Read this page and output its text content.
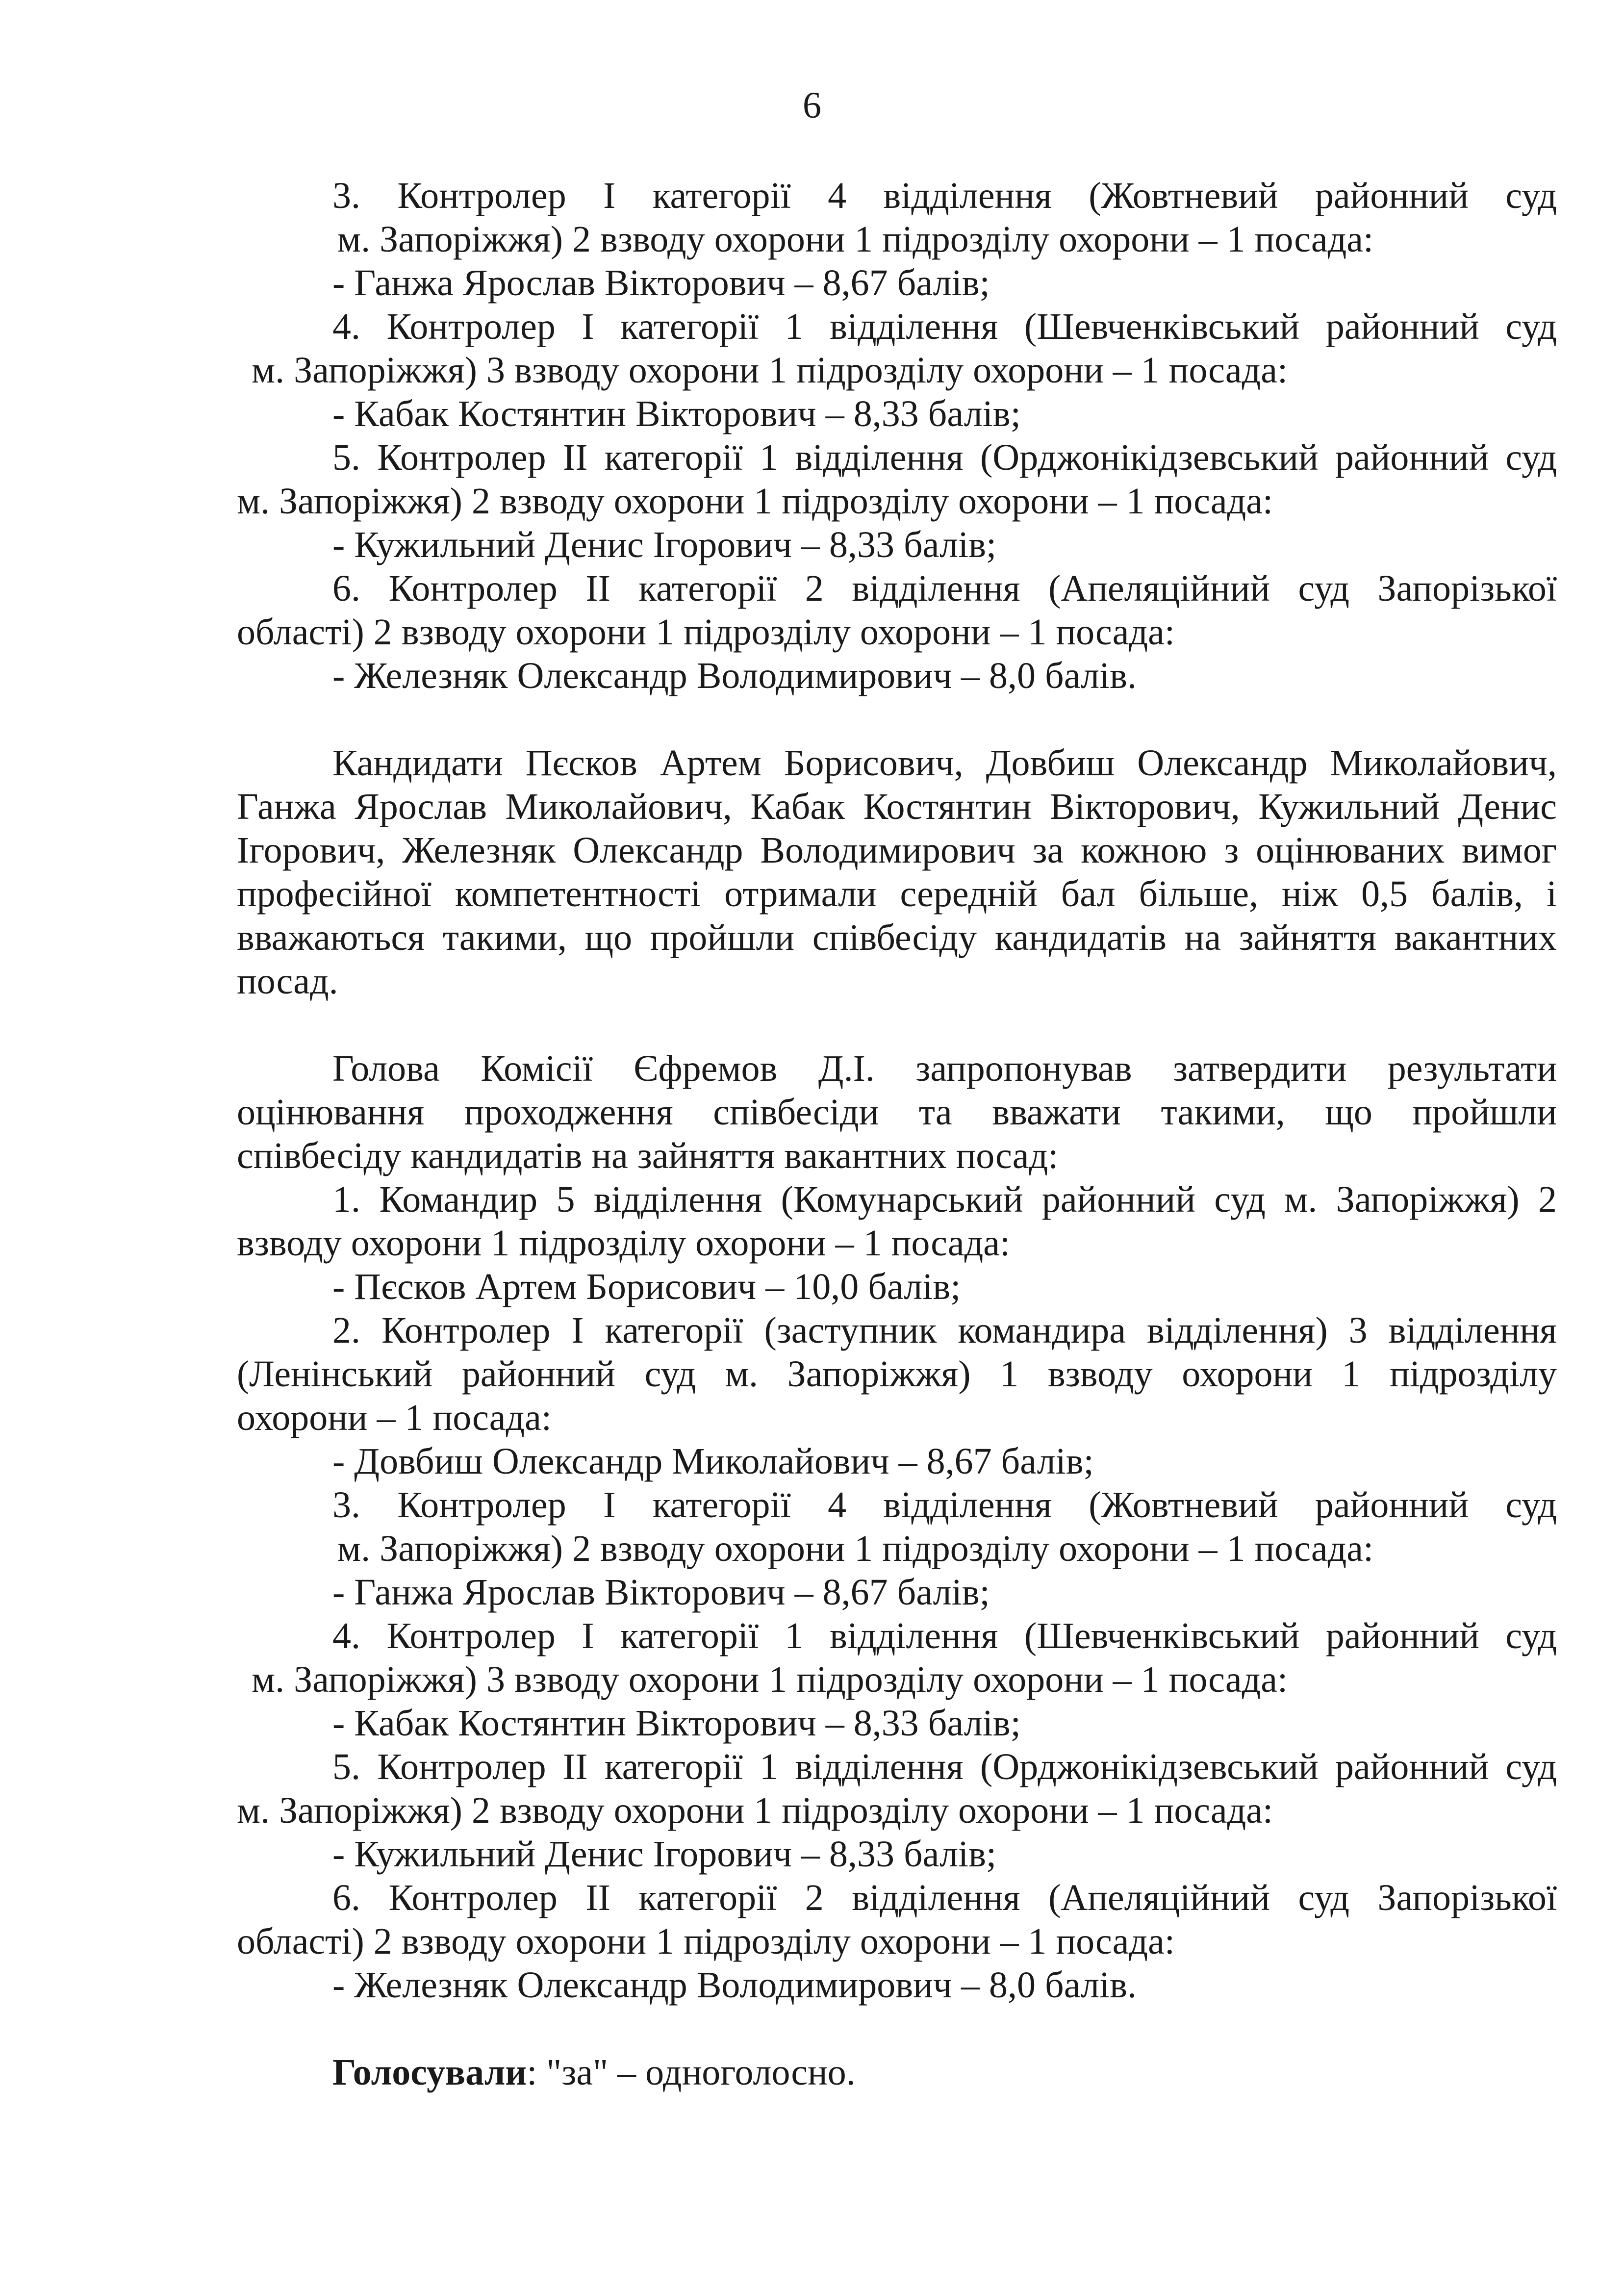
6
3. Контролер І категорії 4 відділення (Жовтневий районний суд
м. Запоріжжя) 2 взводу охорони 1 підрозділу охорони – 1 посада:
- Ганжа Ярослав Вікторович – 8,67 балів;
4. Контролер І категорії 1 відділення (Шевченківський районний суд
м. Запоріжжя) 3 взводу охорони 1 підрозділу охорони – 1 посада:
- Кабак Костянтин Вікторович – 8,33 балів;
5. Контролер ІІ категорії 1 відділення (Орджонікідзевський районний суд
м. Запоріжжя) 2 взводу охорони 1 підрозділу охорони – 1 посада:
- Кужильний Денис Ігорович – 8,33 балів;
6. Контролер ІІ категорії 2 відділення (Апеляційний суд Запорізької
області) 2 взводу охорони 1 підрозділу охорони – 1 посада:
- Железняк Олександр Володимирович – 8,0 балів.
Кандидати Пєсков Артем Борисович, Довбиш Олександр Миколайович,
Ганжа Ярослав Миколайович, Кабак Костянтин Вікторович, Кужильний Денис
Ігорович, Железняк Олександр Володимирович за кожною з оцінюваних вимог
професійної компетентності отримали середній бал більше, ніж 0,5 балів, і
вважаються такими, що пройшли співбесіду кандидатів на зайняття вакантних
посад.
Голова Комісії Єфремов Д.І. запропонував затвердити результати
оцінювання проходження співбесіди та вважати такими, що пройшли
співбесіду кандидатів на зайняття вакантних посад:
1. Командир 5 відділення (Комунарський районний суд м. Запоріжжя) 2
взводу охорони 1 підрозділу охорони – 1 посада:
- Пєсков Артем Борисович – 10,0 балів;
2. Контролер І категорії (заступник командира відділення) 3 відділення
(Ленінський районний суд м. Запоріжжя) 1 взводу охорони 1 підрозділу
охорони – 1 посада:
- Довбиш Олександр Миколайович – 8,67 балів;
3. Контролер І категорії 4 відділення (Жовтневий районний суд
м. Запоріжжя) 2 взводу охорони 1 підрозділу охорони – 1 посада:
- Ганжа Ярослав Вікторович – 8,67 балів;
4. Контролер І категорії 1 відділення (Шевченківський районний суд
м. Запоріжжя) 3 взводу охорони 1 підрозділу охорони – 1 посада:
- Кабак Костянтин Вікторович – 8,33 балів;
5. Контролер ІІ категорії 1 відділення (Орджонікідзевський районний суд
м. Запоріжжя) 2 взводу охорони 1 підрозділу охорони – 1 посада:
- Кужильний Денис Ігорович – 8,33 балів;
6. Контролер ІІ категорії 2 відділення (Апеляційний суд Запорізької
області) 2 взводу охорони 1 підрозділу охорони – 1 посада:
- Железняк Олександр Володимирович – 8,0 балів.
Голосували: "за" – одноголосно.
